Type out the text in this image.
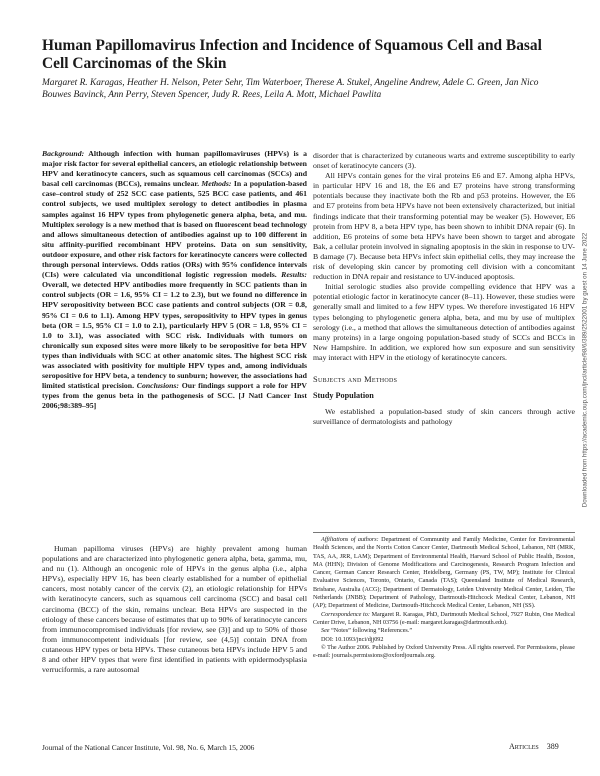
Human Papillomavirus Infection and Incidence of Squamous Cell and Basal Cell Carcinomas of the Skin

Margaret R. Karagas, Heather H. Nelson, Peter Sehr, Tim Waterboer, Therese A. Stukel, Angeline Andrew, Adele C. Green, Jan Nico Bouwes Bavinck, Ann Perry, Steven Spencer, Judy R. Rees, Leila A. Mott, Michael Pawlita

Background: Although infection with human papillomaviruses (HPVs) is a major risk factor for several epithelial cancers, an etiologic relationship between HPV and keratinocyte cancers, such as squamous cell carcinomas (SCCs) and basal cell carcinomas (BCCs), remains unclear. Methods: In a population-based case–control study of 252 SCC case patients, 525 BCC case patients, and 461 control subjects, we used multiplex serology to detect antibodies in plasma samples against 16 HPV types from phylogenetic genera alpha, beta, and mu. Multiplex serology is a new method that is based on fluorescent bead technology and allows simultaneous detection of antibodies against up to 100 different in situ affinity-purified recombinant HPV proteins. Data on sun sensitivity, outdoor exposure, and other risk factors for keratinocyte cancers were collected through personal interviews. Odds ratios (ORs) with 95% confidence intervals (CIs) were calculated via unconditional logistic regression models. Results: Overall, we detected HPV antibodies more frequently in SCC patients than in control subjects (OR = 1.6, 95% CI = 1.2 to 2.3), but we found no difference in HPV seropositivity between BCC case patients and control subjects (OR = 0.8, 95% CI = 0.6 to 1.1). Among HPV types, seropositivity to HPV types in genus beta (OR = 1.5, 95% CI = 1.0 to 2.1), particularly HPV 5 (OR = 1.8, 95% CI = 1.0 to 3.1), was associated with SCC risk. Individuals with tumors on chronically sun exposed sites were more likely to be seropositive for beta HPV types than individuals with SCC at other anatomic sites. The highest SCC risk was associated with positivity for multiple HPV types and, among individuals seropositive for HPV beta, a tendency to sunburn; however, the associations had limited statistical precision. Conclusions: Our findings support a role for HPV types from the genus beta in the pathogenesis of SCC. [J Natl Cancer Inst 2006;98:389–95]

Human papilloma viruses (HPVs) are highly prevalent among human populations and are characterized into phylogenetic genera alpha, beta, gamma, mu, and nu (1). Although an oncogenic role of HPVs in the genus alpha (i.e., alpha HPVs), especially HPV 16, has been clearly established for a number of epithelial cancers, most notably cancer of the cervix (2), an etiologic relationship for HPVs with keratinocyte cancers, such as squamous cell carcinoma (SCC) and basal cell carcinoma (BCC) of the skin, remains unclear. Beta HPVs are suspected in the etiology of these cancers because of estimates that up to 90% of keratinocyte cancers from immunocompromised individuals [for review, see (3)] and up to 50% of those from immunocompetent individuals [for review, see (4,5)] contain DNA from cutaneous HPV types or beta HPVs. These cutaneous beta HPVs include HPV 5 and 8 and other HPV types that were first identified in patients with epidermodysplasia verruciformis, a rare autosomal

disorder that is characterized by cutaneous warts and extreme susceptibility to early onset of keratinocyte cancers (3).

All HPVs contain genes for the viral proteins E6 and E7. Among alpha HPVs, in particular HPV 16 and 18, the E6 and E7 proteins have strong transforming potentials because they inactivate both the Rb and p53 proteins. However, the E6 and E7 proteins from beta HPVs have not been extensively characterized, but initial findings indicate that their transforming potential may be weaker (5). However, E6 protein from HPV 8, a beta HPV type, has been shown to inhibit DNA repair (6). In addition, E6 proteins of some beta HPVs have been shown to target and abrogate Bak, a cellular protein involved in signaling apoptosis in the skin in response to UV-B damage (7). Because beta HPVs infect skin epithelial cells, they may increase the risk of developing skin cancer by promoting cell division with a concomitant reduction in DNA repair and resistance to UV-induced apoptosis.

Initial serologic studies also provide compelling evidence that HPV was a potential etiologic factor in keratinocyte cancer (8–11). However, these studies were generally small and limited to a few HPV types. We therefore investigated 16 HPV types belonging to phylogenetic genera alpha, beta, and mu by use of multiplex serology (i.e., a method that allows the simultaneous detection of antibodies against many proteins) in a large ongoing population-based study of SCCs and BCCs in New Hampshire. In addition, we explored how sun exposure and sun sensitivity may interact with HPV in the etiology of keratinocyte cancers.

Subjects and Methods
Study Population

We established a population-based study of skin cancers through active surveillance of dermatologists and pathology

Affiliations of authors: Department of Community and Family Medicine, Center for Environmental Health Sciences, and the Norris Cotton Cancer Center, Dartmouth Medical School, Lebanon, NH (MRK, TAS, AA, JRR, LAM); Department of Environmental Health, Harvard School of Public Health, Boston, MA (HHN); Division of Genome Modifications and Carcinogenesis, Research Program Infection and Cancer, German Cancer Research Center, Heidelberg, Germany (PS, TW, MP); Institute for Clinical Evaluative Sciences, Toronto, Ontario, Canada (TAS); Queensland Institute of Medical Research, Brisbane, Australia (ACG); Department of Dermatology, Leiden University Medical Center, Leiden, The Netherlands (JNBB); Department of Pathology, Dartmouth-Hitchcock Medical Center, Lebanon, NH (AP); Department of Medicine, Dartmouth-Hitchcock Medical Center, Lebanon, NH (SS).

Correspondence to: Margaret R. Karagas, PhD, Dartmouth Medical School, 7927 Rubin, One Medical Center Drive, Lebanon, NH 03756 (e-mail: margaret.karagas@dartmouth.edu).

See “Notes” following “References.”

DOI: 10.1093/jnci/djj092

© The Author 2006. Published by Oxford University Press. All rights reserved. For Permissions, please e-mail: journals.permissions@oxfordjournals.org.

Journal of the National Cancer Institute, Vol. 98, No. 6, March 15, 2006	Articles 389
Downloaded from https://academic.oup.com/jnci/article/98/6/389/2522001 by guest on 14 June 2022
